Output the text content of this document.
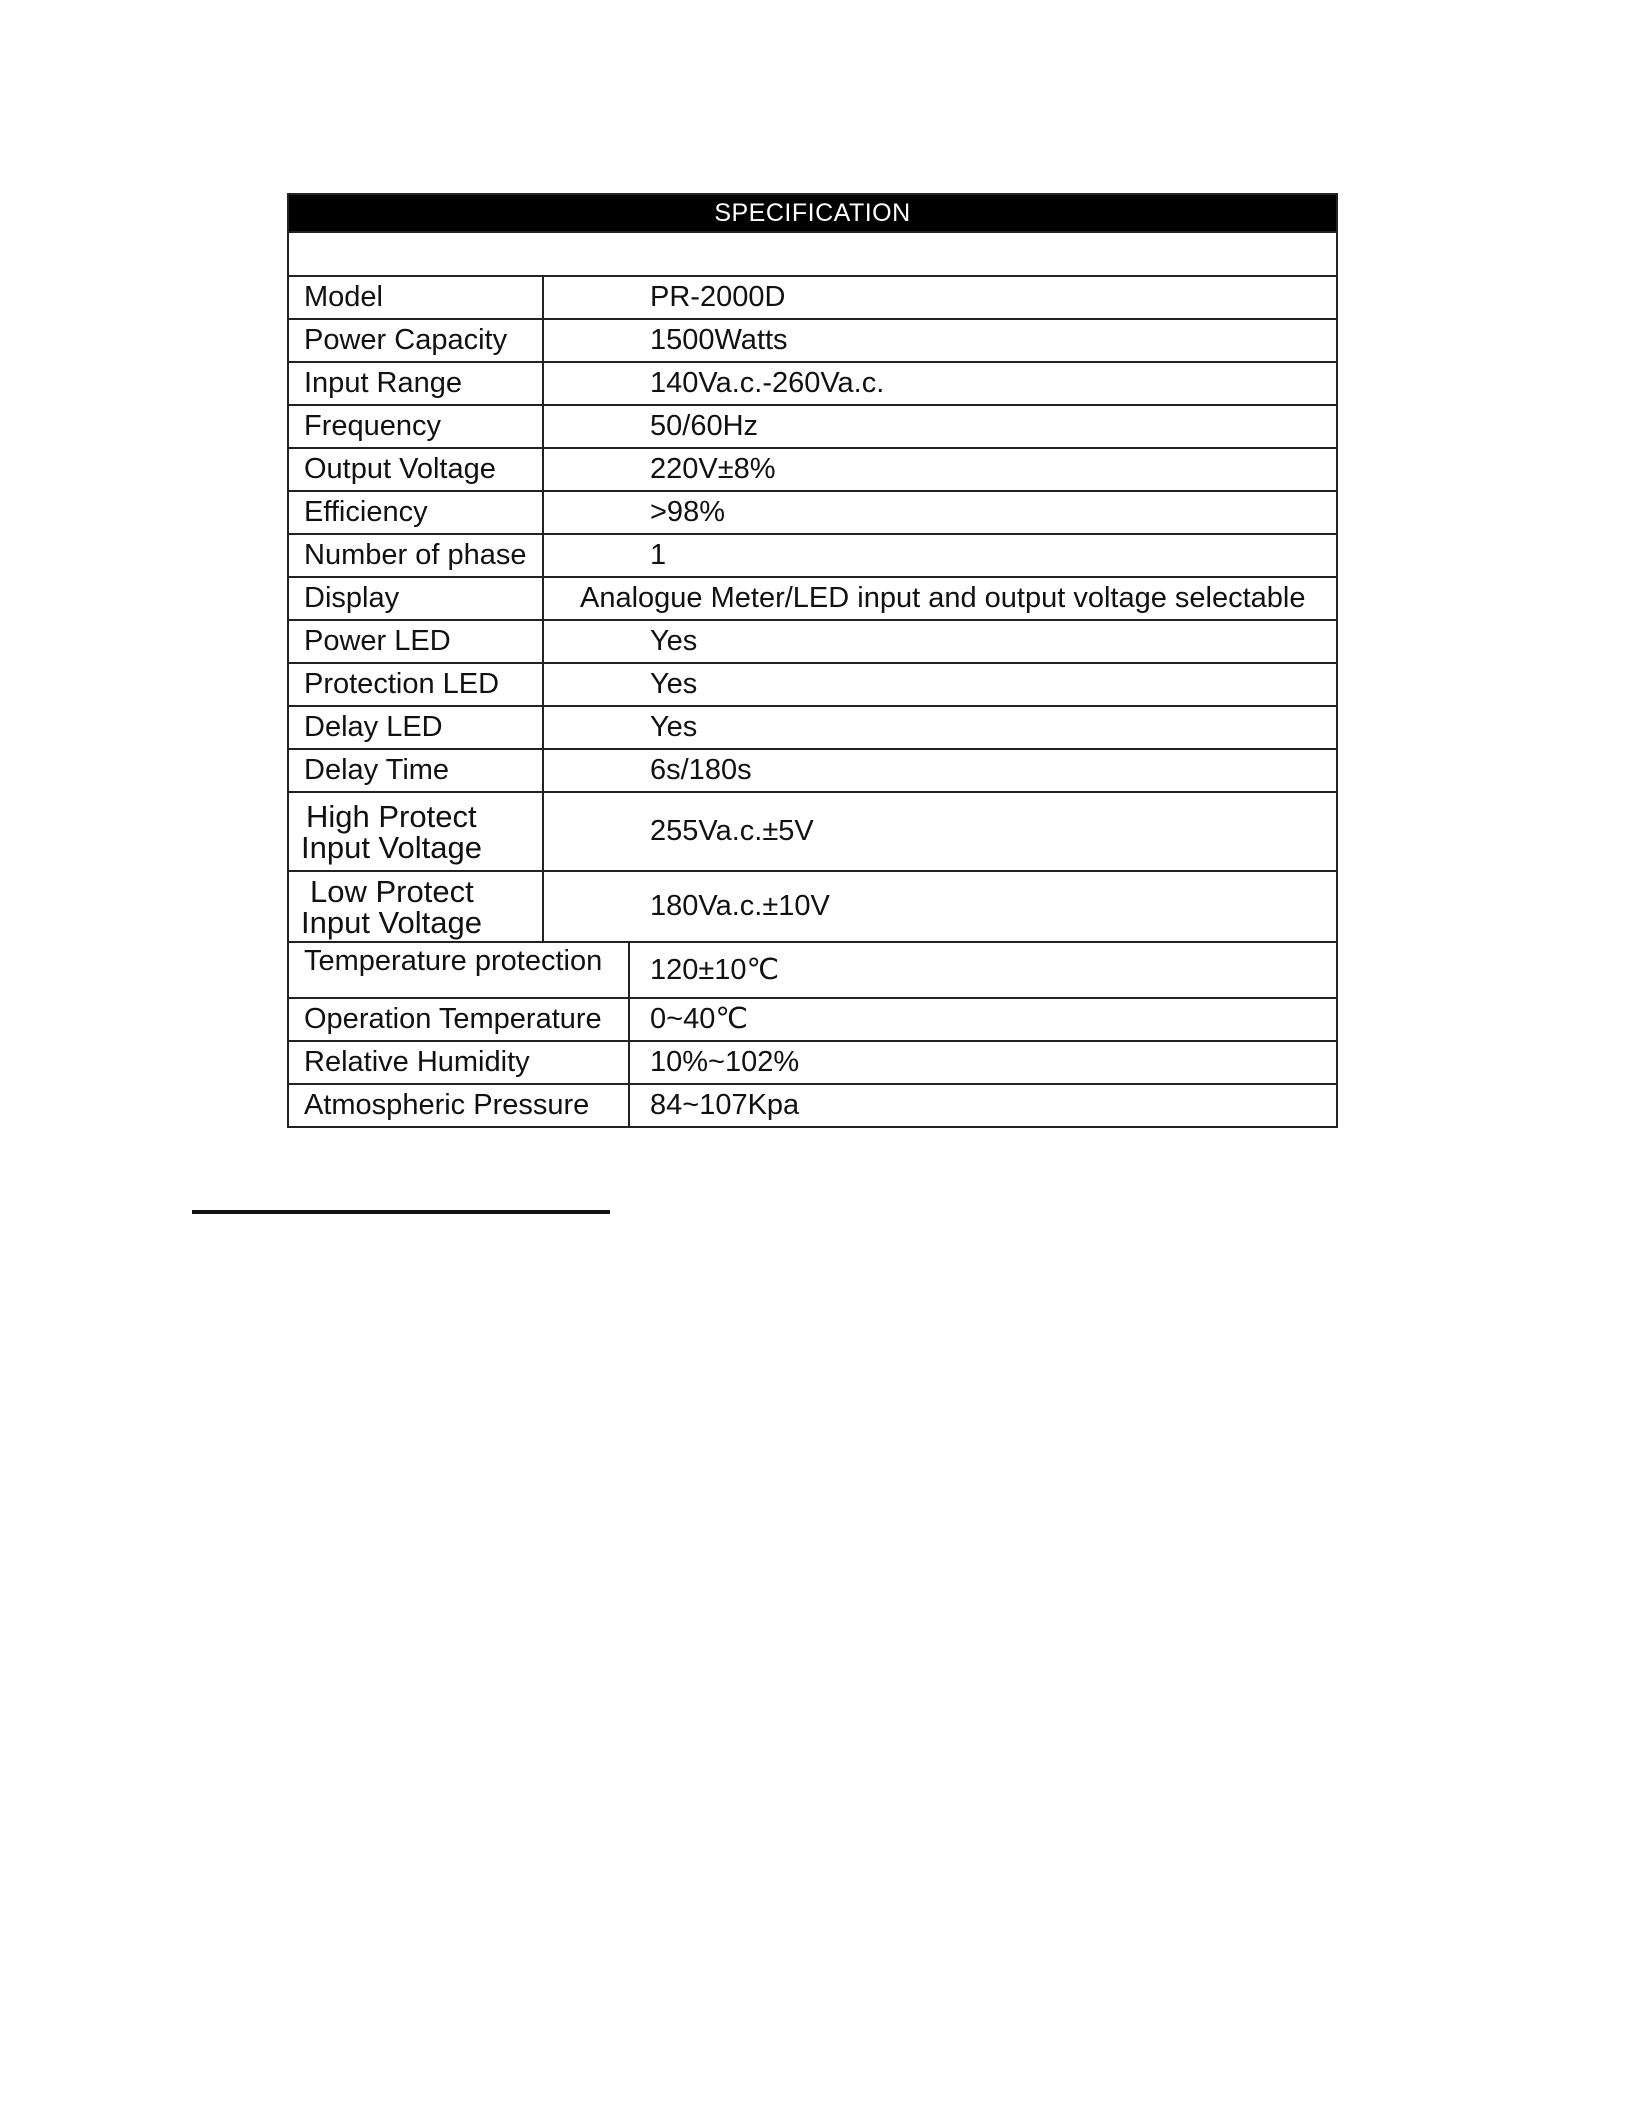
SPECIFICATION		

Model	PR-2000D	
Power Capacity	1500Watts	
Input Range	140Va.c.-260Va.c.	
Frequency	50/60Hz	
Output Voltage	220V±8%	
Efficiency	>98%	
Number of phase	1	
Display	Analogue Meter/LED input and output voltage selectable	
Power LED	Yes	
Protection LED	Yes	
Delay LED	Yes	
Delay Time	6s/180s	
High Protect
Input Voltage	255Va.c.±5V	
Low Protect
Input Voltage	180Va.c.±10V	
Temperature protection		120±10℃
Operation Temperature		0~40℃
Relative Humidity		10%~102%
Atmospheric Pressure		84~107Kpa
